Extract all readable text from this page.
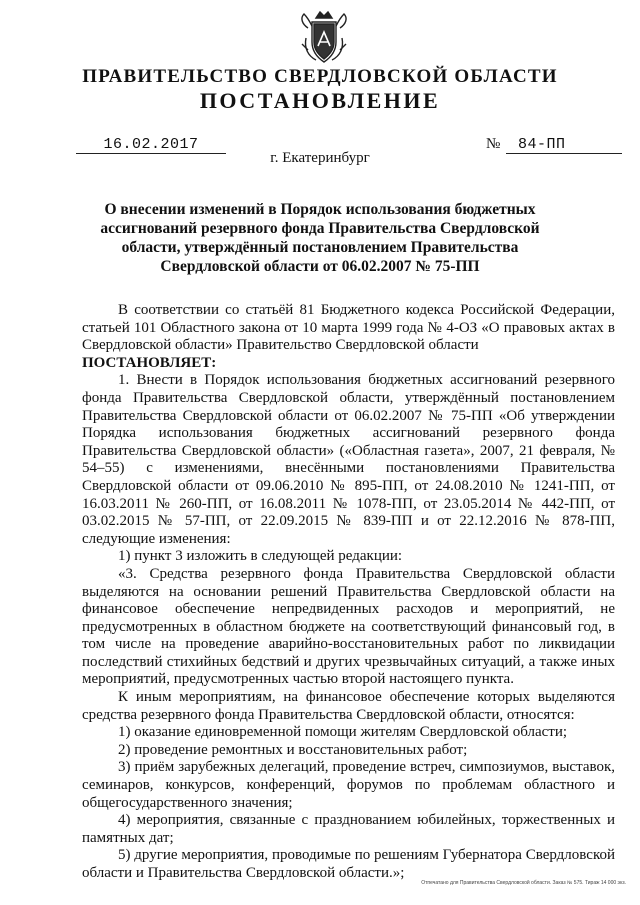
ПРАВИТЕЛЬСТВО СВЕРДЛОВСКОЙ ОБЛАСТИ
ПОСТАНОВЛЕНИЕ
16.02.2017	№ 84-ПП
г. Екатеринбург
О внесении изменений в Порядок использования бюджетных ассигнований резервного фонда Правительства Свердловской области, утверждённый постановлением Правительства Свердловской области от 06.02.2007 № 75-ПП

В соответствии со статьёй 81 Бюджетного кодекса Российской Федерации, статьей 101 Областного закона от 10 марта 1999 года № 4-ОЗ «О правовых актах в Свердловской области» Правительство Свердловской области

ПОСТАНОВЛЯЕТ:

1. Внести в Порядок использования бюджетных ассигнований резервного фонда Правительства Свердловской области, утверждённый постановлением Правительства Свердловской области от 06.02.2007 № 75-ПП «Об утверждении Порядка использования бюджетных ассигнований резервного фонда Правительства Свердловской области» («Областная газета», 2007, 21 февраля, № 54–55) с изменениями, внесёнными постановлениями Правительства Свердловской области от 09.06.2010 № 895-ПП, от 24.08.2010 № 1241-ПП, от 16.03.2011 № 260-ПП, от 16.08.2011 № 1078-ПП, от 23.05.2014 № 442-ПП, от 03.02.2015 № 57-ПП, от 22.09.2015 № 839-ПП и от 22.12.2016 № 878-ПП, следующие изменения:

1) пункт 3 изложить в следующей редакции:

«3. Средства резервного фонда Правительства Свердловской области выделяются на основании решений Правительства Свердловской области на финансовое обеспечение непредвиденных расходов и мероприятий, не предусмотренных в областном бюджете на соответствующий финансовый год, в том числе на проведение аварийно-восстановительных работ по ликвидации последствий стихийных бедствий и других чрезвычайных ситуаций, а также иных мероприятий, предусмотренных частью второй настоящего пункта.

К иным мероприятиям, на финансовое обеспечение которых выделяются средства резервного фонда Правительства Свердловской области, относятся:

1) оказание единовременной помощи жителям Свердловской области;

2) проведение ремонтных и восстановительных работ;

3) приём зарубежных делегаций, проведение встреч, симпозиумов, выставок, семинаров, конкурсов, конференций, форумов по проблемам областного и общегосударственного значения;

4) мероприятия, связанные с празднованием юбилейных, торжественных и памятных дат;

5) другие мероприятия, проводимые по решениям Губернатора Свердловской области и Правительства Свердловской области.»;

Отпечатано для Правительства Свердловской области. Заказ № 575. Тираж 14 000 экз.
